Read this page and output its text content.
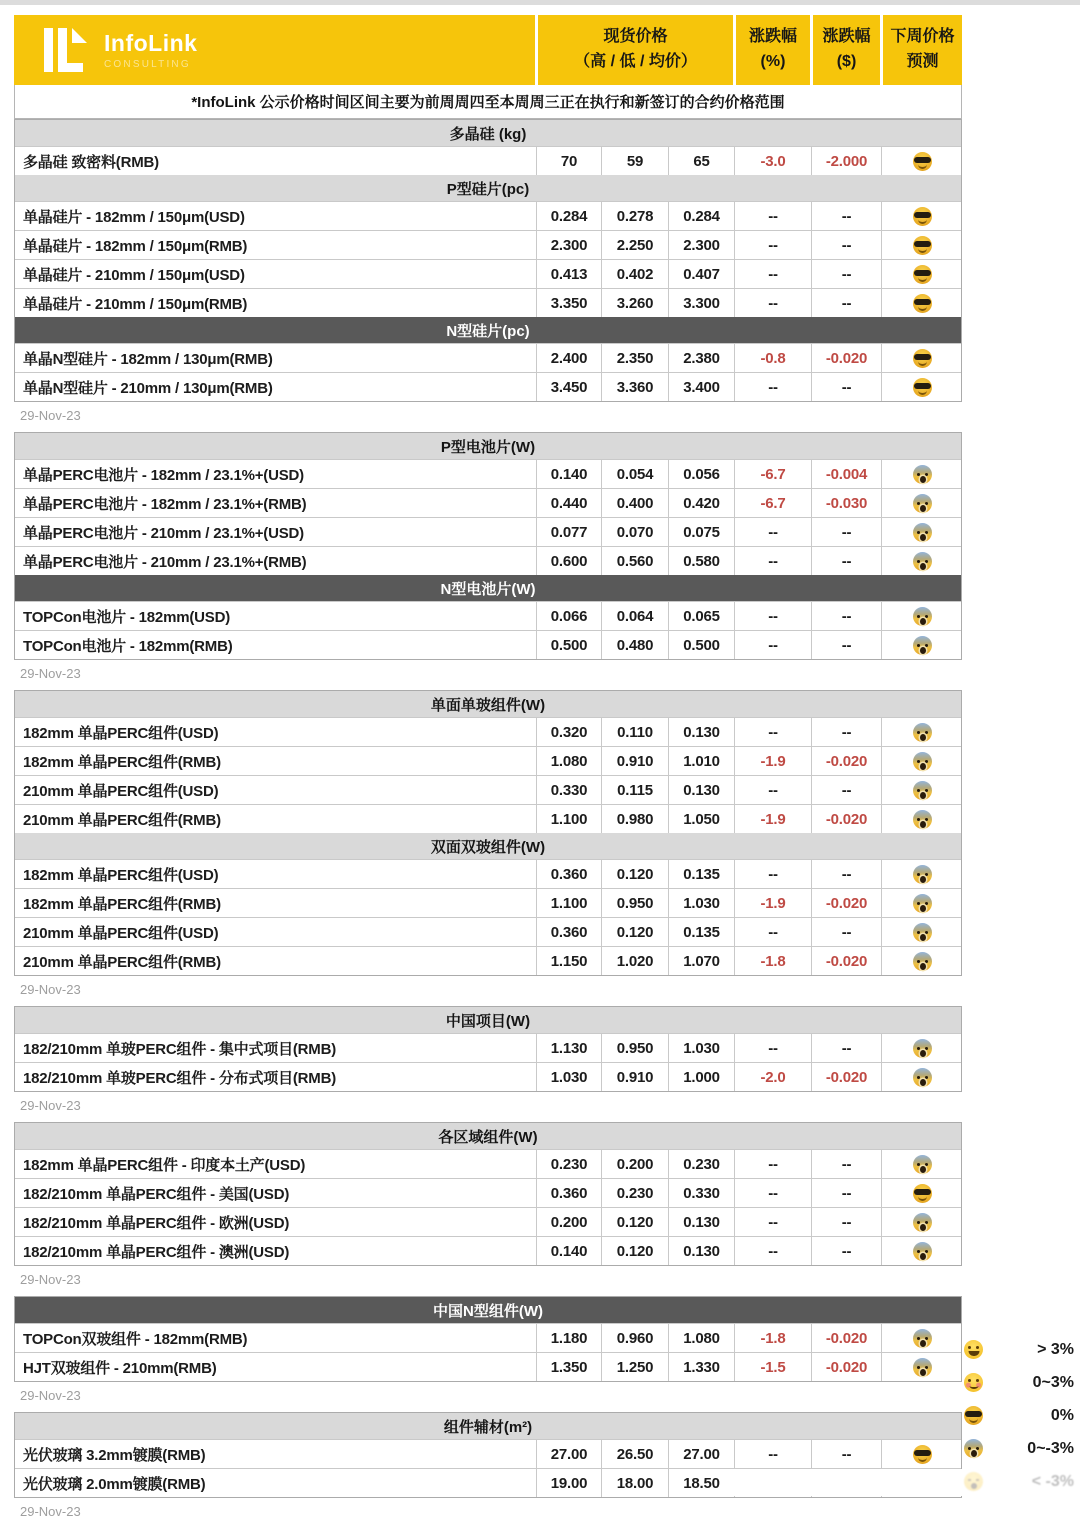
InfoLink
CONSULTING
现货价格
（高 / 低 / 均价）
涨跌幅
(%)
涨跌幅
($)
下周价格
预测
*InfoLink 公示价格时间区间主要为前周周四至本周周三正在执行和新签订的合约价格范围
多晶硅 (kg)
多晶硅 致密料(RMB)	70	59	65	-3.0	-2.000
P型硅片(pc)
单晶硅片 - 182mm / 150μm(USD)	0.284	0.278	0.284	--	--
单晶硅片 - 182mm / 150μm(RMB)	2.300	2.250	2.300	--	--
单晶硅片 - 210mm / 150μm(USD)	0.413	0.402	0.407	--	--
单晶硅片 - 210mm / 150μm(RMB)	3.350	3.260	3.300	--	--
N型硅片(pc)
单晶N型硅片 - 182mm / 130μm(RMB)	2.400	2.350	2.380	-0.8	-0.020
单晶N型硅片 - 210mm / 130μm(RMB)	3.450	3.360	3.400	--	--
29-Nov-23
P型电池片(W)
单晶PERC电池片 - 182mm / 23.1%+(USD)	0.140	0.054	0.056	-6.7	-0.004
单晶PERC电池片 - 182mm / 23.1%+(RMB)	0.440	0.400	0.420	-6.7	-0.030
单晶PERC电池片 - 210mm / 23.1%+(USD)	0.077	0.070	0.075	--	--
单晶PERC电池片 - 210mm / 23.1%+(RMB)	0.600	0.560	0.580	--	--
N型电池片(W)
TOPCon电池片 - 182mm(USD)	0.066	0.064	0.065	--	--
TOPCon电池片 - 182mm(RMB)	0.500	0.480	0.500	--	--
29-Nov-23
单面单玻组件(W)
182mm 单晶PERC组件(USD)	0.320	0.110	0.130	--	--
182mm 单晶PERC组件(RMB)	1.080	0.910	1.010	-1.9	-0.020
210mm 单晶PERC组件(USD)	0.330	0.115	0.130	--	--
210mm 单晶PERC组件(RMB)	1.100	0.980	1.050	-1.9	-0.020
双面双玻组件(W)
182mm 单晶PERC组件(USD)	0.360	0.120	0.135	--	--
182mm 单晶PERC组件(RMB)	1.100	0.950	1.030	-1.9	-0.020
210mm 单晶PERC组件(USD)	0.360	0.120	0.135	--	--
210mm 单晶PERC组件(RMB)	1.150	1.020	1.070	-1.8	-0.020
29-Nov-23
中国项目(W)
182/210mm 单玻PERC组件 - 集中式项目(RMB)	1.130	0.950	1.030	--	--
182/210mm 单玻PERC组件 - 分布式项目(RMB)	1.030	0.910	1.000	-2.0	-0.020
29-Nov-23
各区域组件(W)
182mm 单晶PERC组件 - 印度本土产(USD)	0.230	0.200	0.230	--	--
182/210mm 单晶PERC组件 - 美国(USD)	0.360	0.230	0.330	--	--
182/210mm 单晶PERC组件 - 欧洲(USD)	0.200	0.120	0.130	--	--
182/210mm 单晶PERC组件 - 澳洲(USD)	0.140	0.120	0.130	--	--
29-Nov-23
中国N型组件(W)
TOPCon双玻组件 - 182mm(RMB)	1.180	0.960	1.080	-1.8	-0.020
HJT双玻组件 - 210mm(RMB)	1.350	1.250	1.330	-1.5	-0.020
29-Nov-23
组件辅材(m²)
光伏玻璃 3.2mm镀膜(RMB)	27.00	26.50	27.00	--	--
光伏玻璃 2.0mm镀膜(RMB)	19.00	18.00	18.50
29-Nov-23
> 3%
0~3%
0%
0~-3%
< -3%
